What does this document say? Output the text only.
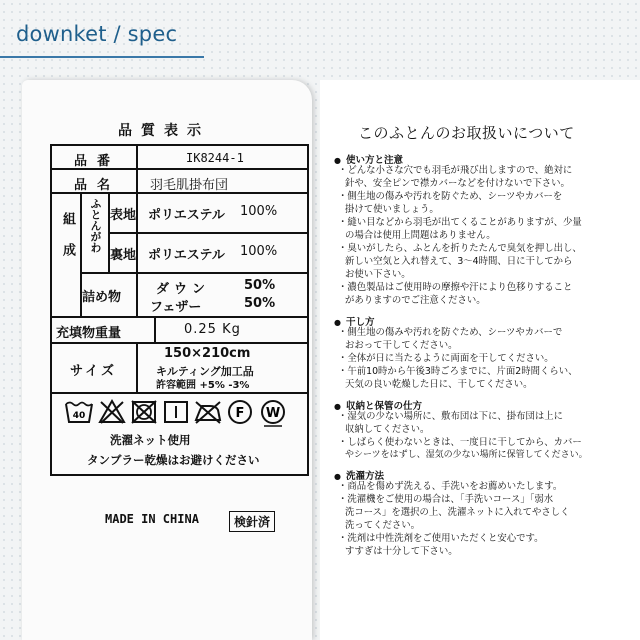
downket / spec
品質表示
品番	IK8244-1
品名 羽毛肌掛布団
組成 ふとんがわ 表地 ポリエステル 100%
裏地 ポリエステル 100%
詰め物
ダウン	50%
フェザー	50%
充填物重量	0.25 Kg
サイズ
150×210cm
キルティング加工品
許容範囲 +5% -3%
40	F W
洗濯ネット使用
タンブラー乾燥はお避けください
MADE IN CHINA	検針済
このふとんのお取扱いについて
● 使い方と注意
・どんな小さな穴でも羽毛が飛び出しますので、絶対に
針や、安全ピンで襟カバーなどを付けないで下さい。
・側生地の傷みや汚れを防ぐため、シーツやカバーを
掛けて使いましょう。
・縫い目などから羽毛が出てくることがありますが、少量
の場合は使用上問題はありません。
・臭いがしたら、ふとんを折りたたんで臭気を押し出し、
新しい空気と入れ替えて、3～4時間、日に干してから
お使い下さい。
・濃色製品はご使用時の摩擦や汗により色移りすること
がありますのでご注意ください。
● 干し方
・側生地の傷みや汚れを防ぐため、シーツやカバーで
おおって干してください。
・全体が日に当たるように両面を干してください。
・午前10時から午後3時ごろまでに、片面2時間くらい、
天気の良い乾燥した日に、干してください。
● 収納と保管の仕方
・湿気の少ない場所に、敷布団は下に、掛布団は上に
収納してください。
・しばらく使わないときは、一度日に干してから、カバー
やシーツをはずし、湿気の少ない場所に保管してください。
● 洗濯方法
・商品を傷めず洗える、手洗いをお薦めいたします。
・洗濯機をご使用の場合は、「手洗いコース」「弱水
洗コース」を選択の上、洗濯ネットに入れてやさしく
洗ってください。
・洗剤は中性洗剤をご使用いただくと安心です。
すすぎは十分して下さい。
